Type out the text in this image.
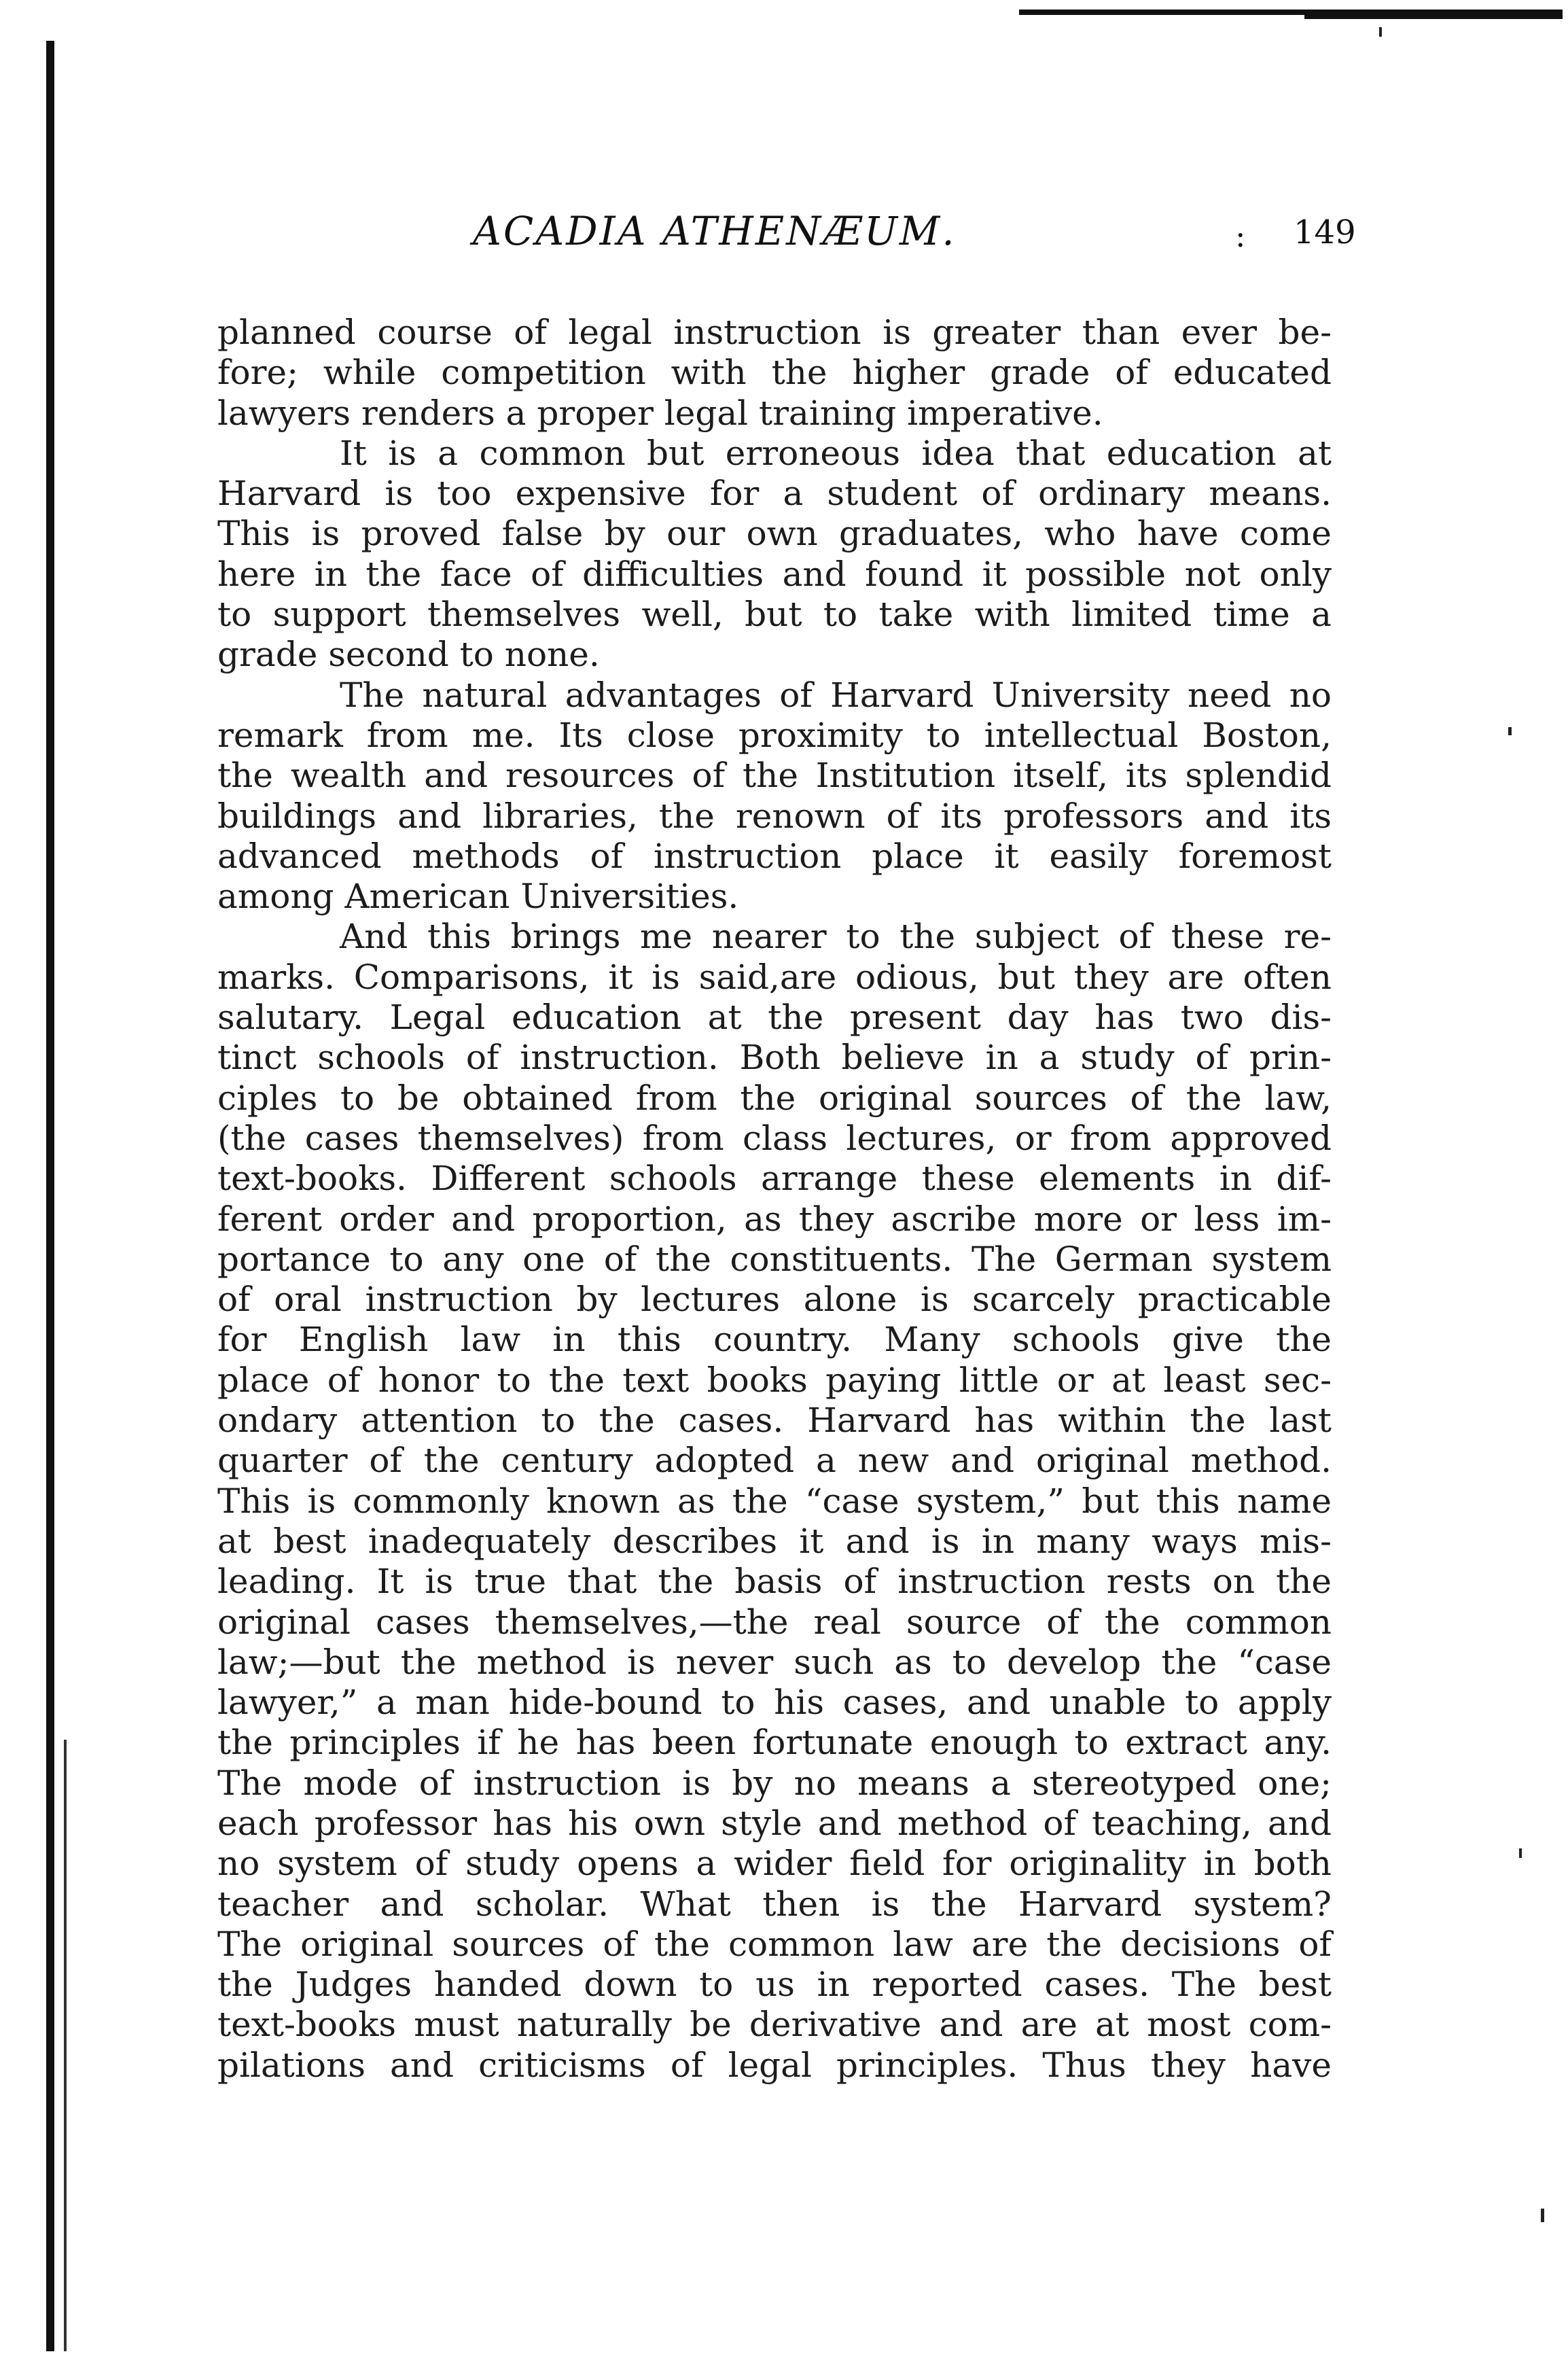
ACADIA ATHENÆUM.	: 149
planned course of legal instruction is greater than ever be-
fore; while competition with the higher grade of educated
lawyers renders a proper legal training imperative.
It is a common but erroneous idea that education at
Harvard is too expensive for a student of ordinary means.
This is proved false by our own graduates, who have come
here in the face of difficulties and found it possible not only
to support themselves well, but to take with limited time a
grade second to none.
The natural advantages of Harvard University need no
remark from me. Its close proximity to intellectual Boston,
the wealth and resources of the Institution itself, its splendid
buildings and libraries, the renown of its professors and its
advanced methods of instruction place it easily foremost
among American Universities.
And this brings me nearer to the subject of these re-
marks. Comparisons, it is said,are odious, but they are often
salutary. Legal education at the present day has two dis-
tinct schools of instruction. Both believe in a study of prin-
ciples to be obtained from the original sources of the law,
(the cases themselves) from class lectures, or from approved
text-books. Different schools arrange these elements in dif-
ferent order and proportion, as they ascribe more or less im-
portance to any one of the constituents. The German system
of oral instruction by lectures alone is scarcely practicable
for English law in this country. Many schools give the
place of honor to the text books paying little or at least sec-
ondary attention to the cases. Harvard has within the last
quarter of the century adopted a new and original method.
This is commonly known as the “case system,” but this name
at best inadequately describes it and is in many ways mis-
leading. It is true that the basis of instruction rests on the
original cases themselves,—the real source of the common
law;—but the method is never such as to develop the “case
lawyer,” a man hide-bound to his cases, and unable to apply
the principles if he has been fortunate enough to extract any.
The mode of instruction is by no means a stereotyped one;
each professor has his own style and method of teaching, and
no system of study opens a wider field for originality in both
teacher and scholar. What then is the Harvard system?
The original sources of the common law are the decisions of
the Judges handed down to us in reported cases. The best
text-books must naturally be derivative and are at most com-
pilations and criticisms of legal principles. Thus they have
